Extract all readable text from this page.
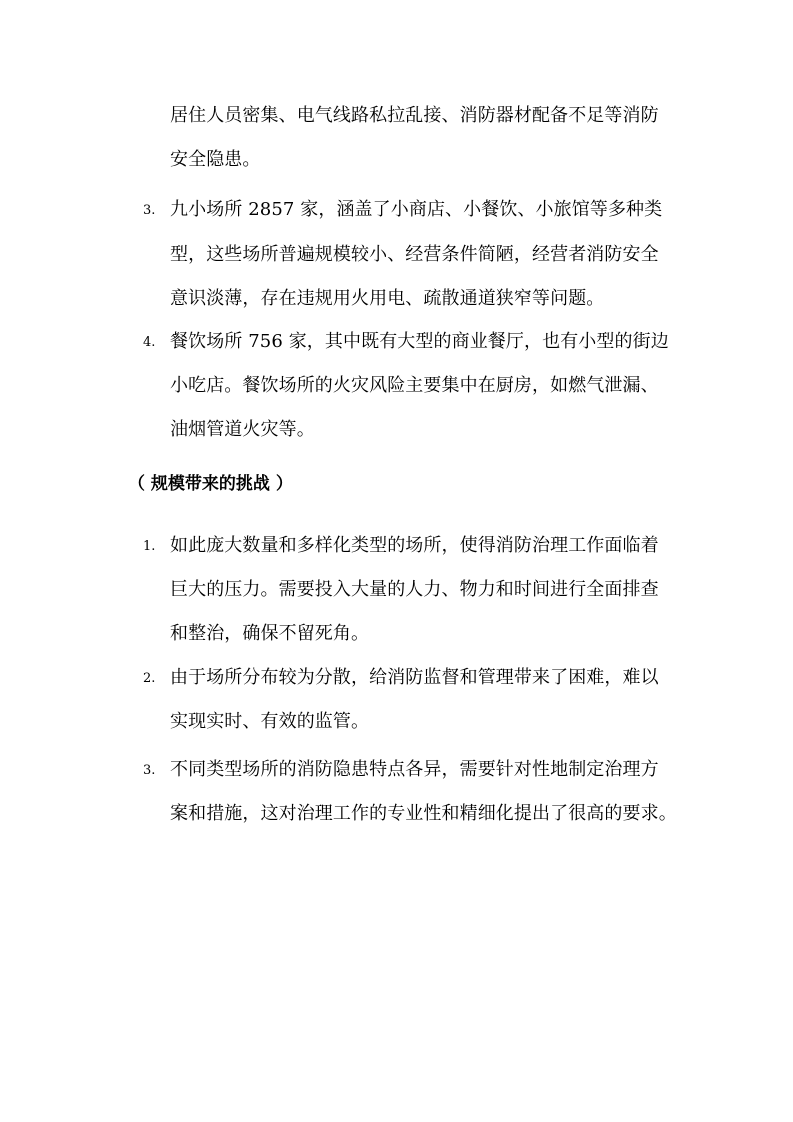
居住人员密集、电气线路私拉乱接、消防器材配备不足等消防
安全隐患。
3. 九小场所 2857 家，涵盖了小商店、小餐饮、小旅馆等多种类
型，这些场所普遍规模较小、经营条件简陋，经营者消防安全
意识淡薄，存在违规用火用电、疏散通道狭窄等问题。
4. 餐饮场所 756 家，其中既有大型的商业餐厅，也有小型的街边
小吃店。餐饮场所的火灾风险主要集中在厨房，如燃气泄漏、
油烟管道火灾等。
（ 规模带来的挑战 ）
1. 如此庞大数量和多样化类型的场所，使得消防治理工作面临着
巨大的压力。需要投入大量的人力、物力和时间进行全面排查
和整治，确保不留死角。
2. 由于场所分布较为分散，给消防监督和管理带来了困难，难以
实现实时、有效的监管。
3. 不同类型场所的消防隐患特点各异，需要针对性地制定治理方
案和措施，这对治理工作的专业性和精细化提出了很高的要求。
